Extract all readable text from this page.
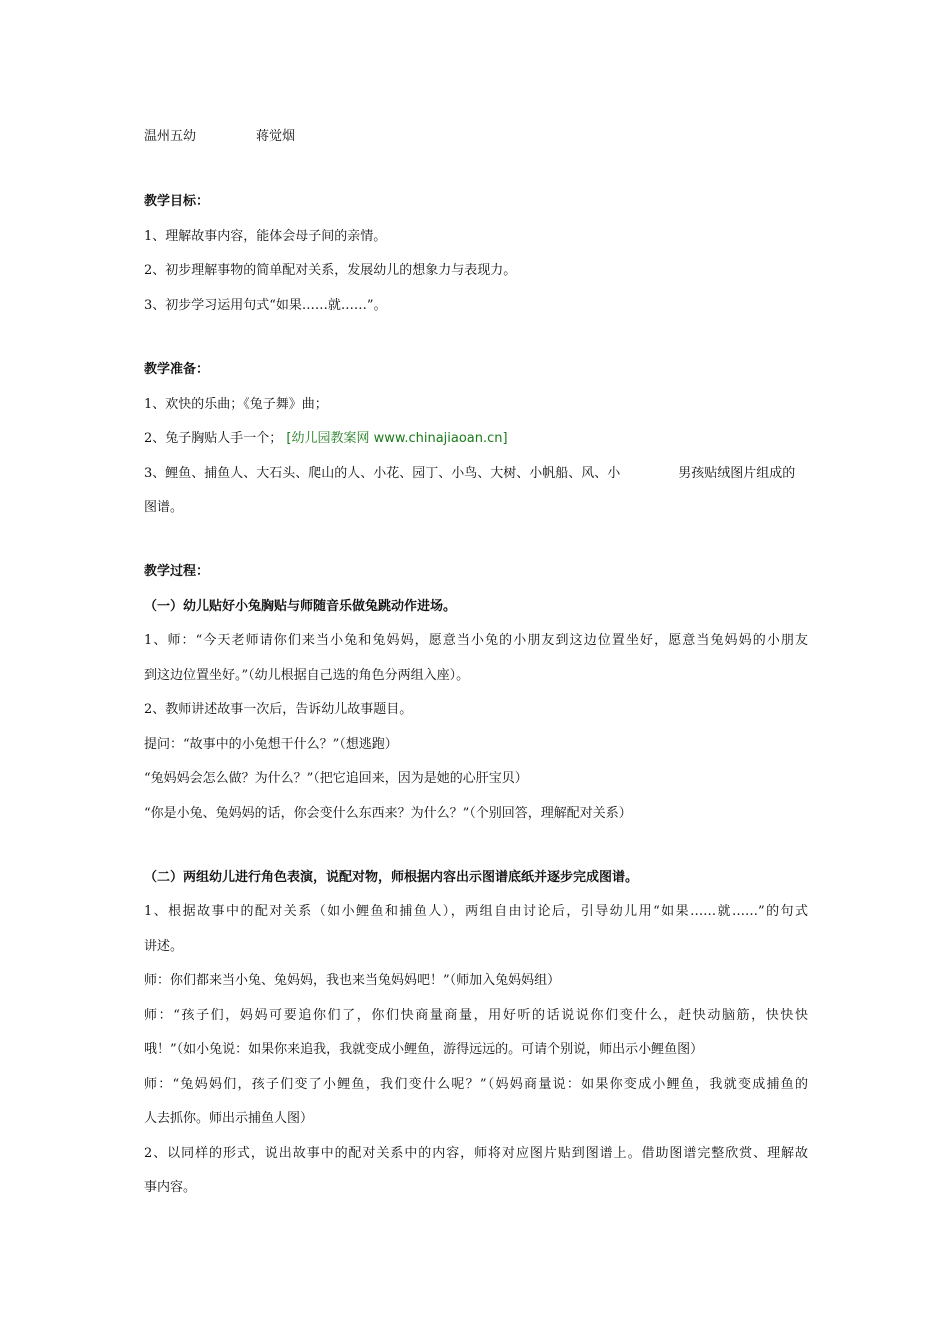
温州五幼	蒋觉烟
教学目标：
1、理解故事内容，能体会母子间的亲情。
2、初步理解事物的简单配对关系，发展幼儿的想象力与表现力。
3、初步学习运用句式“如果……就……”。
教学准备：
1、欢快的乐曲；《兔子舞》曲；
2、兔子胸贴人手一个； [幼儿园教案网 www.chinajiaoan.cn]
3、鲤鱼、捕鱼人、大石头、爬山的人、小花、园丁、小鸟、大树、小帆船、风、小	男孩贴绒图片组成的
图谱。
教学过程：
（一）幼儿贴好小兔胸贴与师随音乐做兔跳动作进场。
1、师：“今天老师请你们来当小兔和兔妈妈，愿意当小兔的小朋友到这边位置坐好，愿意当兔妈妈的小朋友
到这边位置坐好。”（幼儿根据自己选的角色分两组入座）。
2、教师讲述故事一次后，告诉幼儿故事题目。
提问：“故事中的小兔想干什么？”（想逃跑）
“兔妈妈会怎么做？为什么？”（把它追回来，因为是她的心肝宝贝）
“你是小兔、兔妈妈的话，你会变什么东西来？为什么？”（个别回答，理解配对关系）
（二）两组幼儿进行角色表演，说配对物，师根据内容出示图谱底纸并逐步完成图谱。
1、根据故事中的配对关系（如小鲤鱼和捕鱼人），两组自由讨论后，引导幼儿用“如果……就……”的句式
讲述。
师：你们都来当小兔、兔妈妈，我也来当兔妈妈吧！”（师加入兔妈妈组）
师：“孩子们，妈妈可要追你们了，你们快商量商量，用好听的话说说你们变什么，赶快动脑筋，快快快
哦！”（如小兔说：如果你来追我，我就变成小鲤鱼，游得远远的。可请个别说，师出示小鲤鱼图）
师：“兔妈妈们，孩子们变了小鲤鱼，我们变什么呢？”（妈妈商量说：如果你变成小鲤鱼，我就变成捕鱼的
人去抓你。师出示捕鱼人图）
2、以同样的形式，说出故事中的配对关系中的内容，师将对应图片贴到图谱上。借助图谱完整欣赏、理解故
事内容。
